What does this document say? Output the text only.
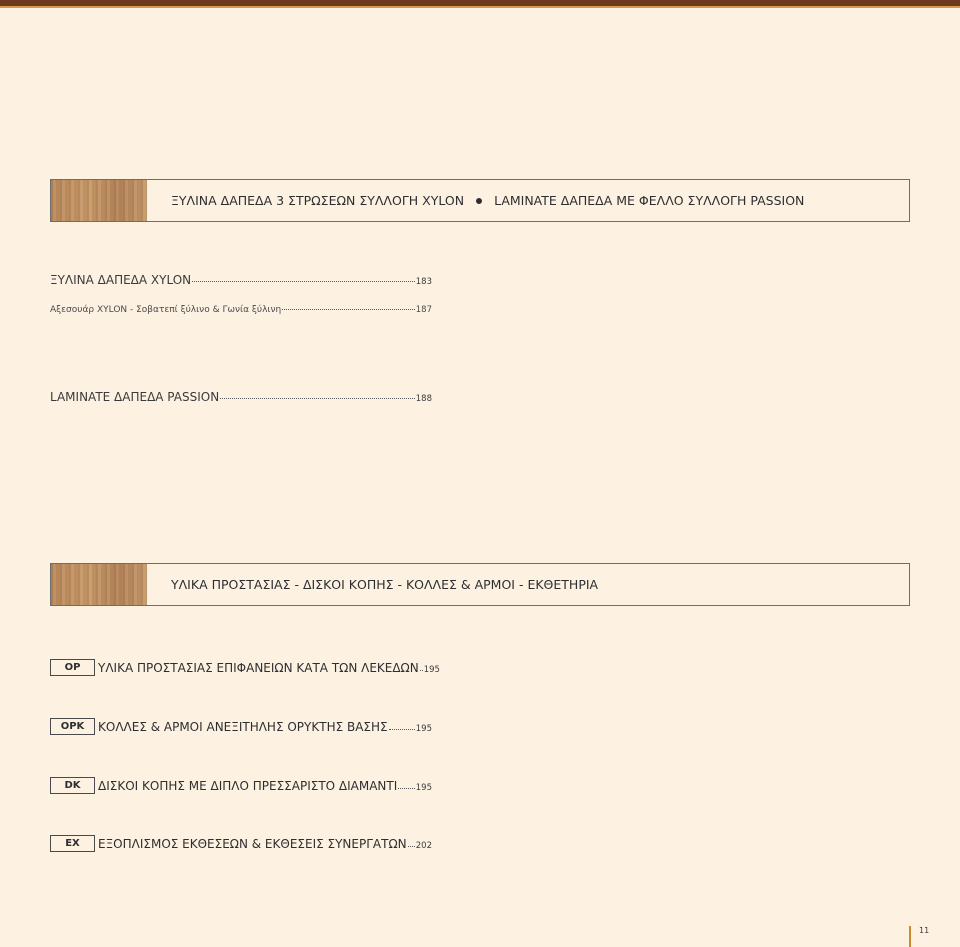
ΞΥΛΙΝΑ ΔΑΠΕΔΑ 3 ΣΤΡΩΣΕΩΝ ΣΥΛΛΟΓΗ XYLON LAMINATE ΔΑΠΕΔΑ ΜΕ ΦΕΛΛΟ ΣΥΛΛΟΓΗ PASSION
ΞΥΛΙΝΑ ΔΑΠΕΔΑ XYLON	183
Αξεσουάρ XYLON - Σοβατεπί ξύλινο & Γωνία ξύλινη	187
LAMINATE ΔΑΠΕΔΑ PASSION	188
ΥΛΙΚΑ ΠΡΟΣΤΑΣΙΑΣ - ΔΙΣΚΟΙ ΚΟΠΗΣ - ΚΟΛΛΕΣ & ΑΡΜΟΙ - ΕΚΘΕΤΗΡΙΑ
ΟΡ	ΥΛΙΚΑ ΠΡΟΣΤΑΣΙΑΣ ΕΠΙΦΑΝΕΙΩΝ ΚΑΤΑ ΤΩΝ ΛΕΚΕΔΩΝ 195
ΟΡΚ	ΚΟΛΛΕΣ & ΑΡΜΟΙ ΑΝΕΞΙΤΗΛΗΣ ΟΡΥΚΤΗΣ ΒΑΣΗΣ	195
DK	ΔΙΣΚΟΙ ΚΟΠΗΣ ΜΕ ΔΙΠΛΟ ΠΡΕΣΣΑΡΙΣΤΟ ΔΙΑΜΑΝΤΙ 195
ΕΧ	ΕΞΟΠΛΙΣΜΟΣ ΕΚΘΕΣΕΩΝ & ΕΚΘΕΣΕΙΣ ΣΥΝΕΡΓΑΤΩΝ 202
11
